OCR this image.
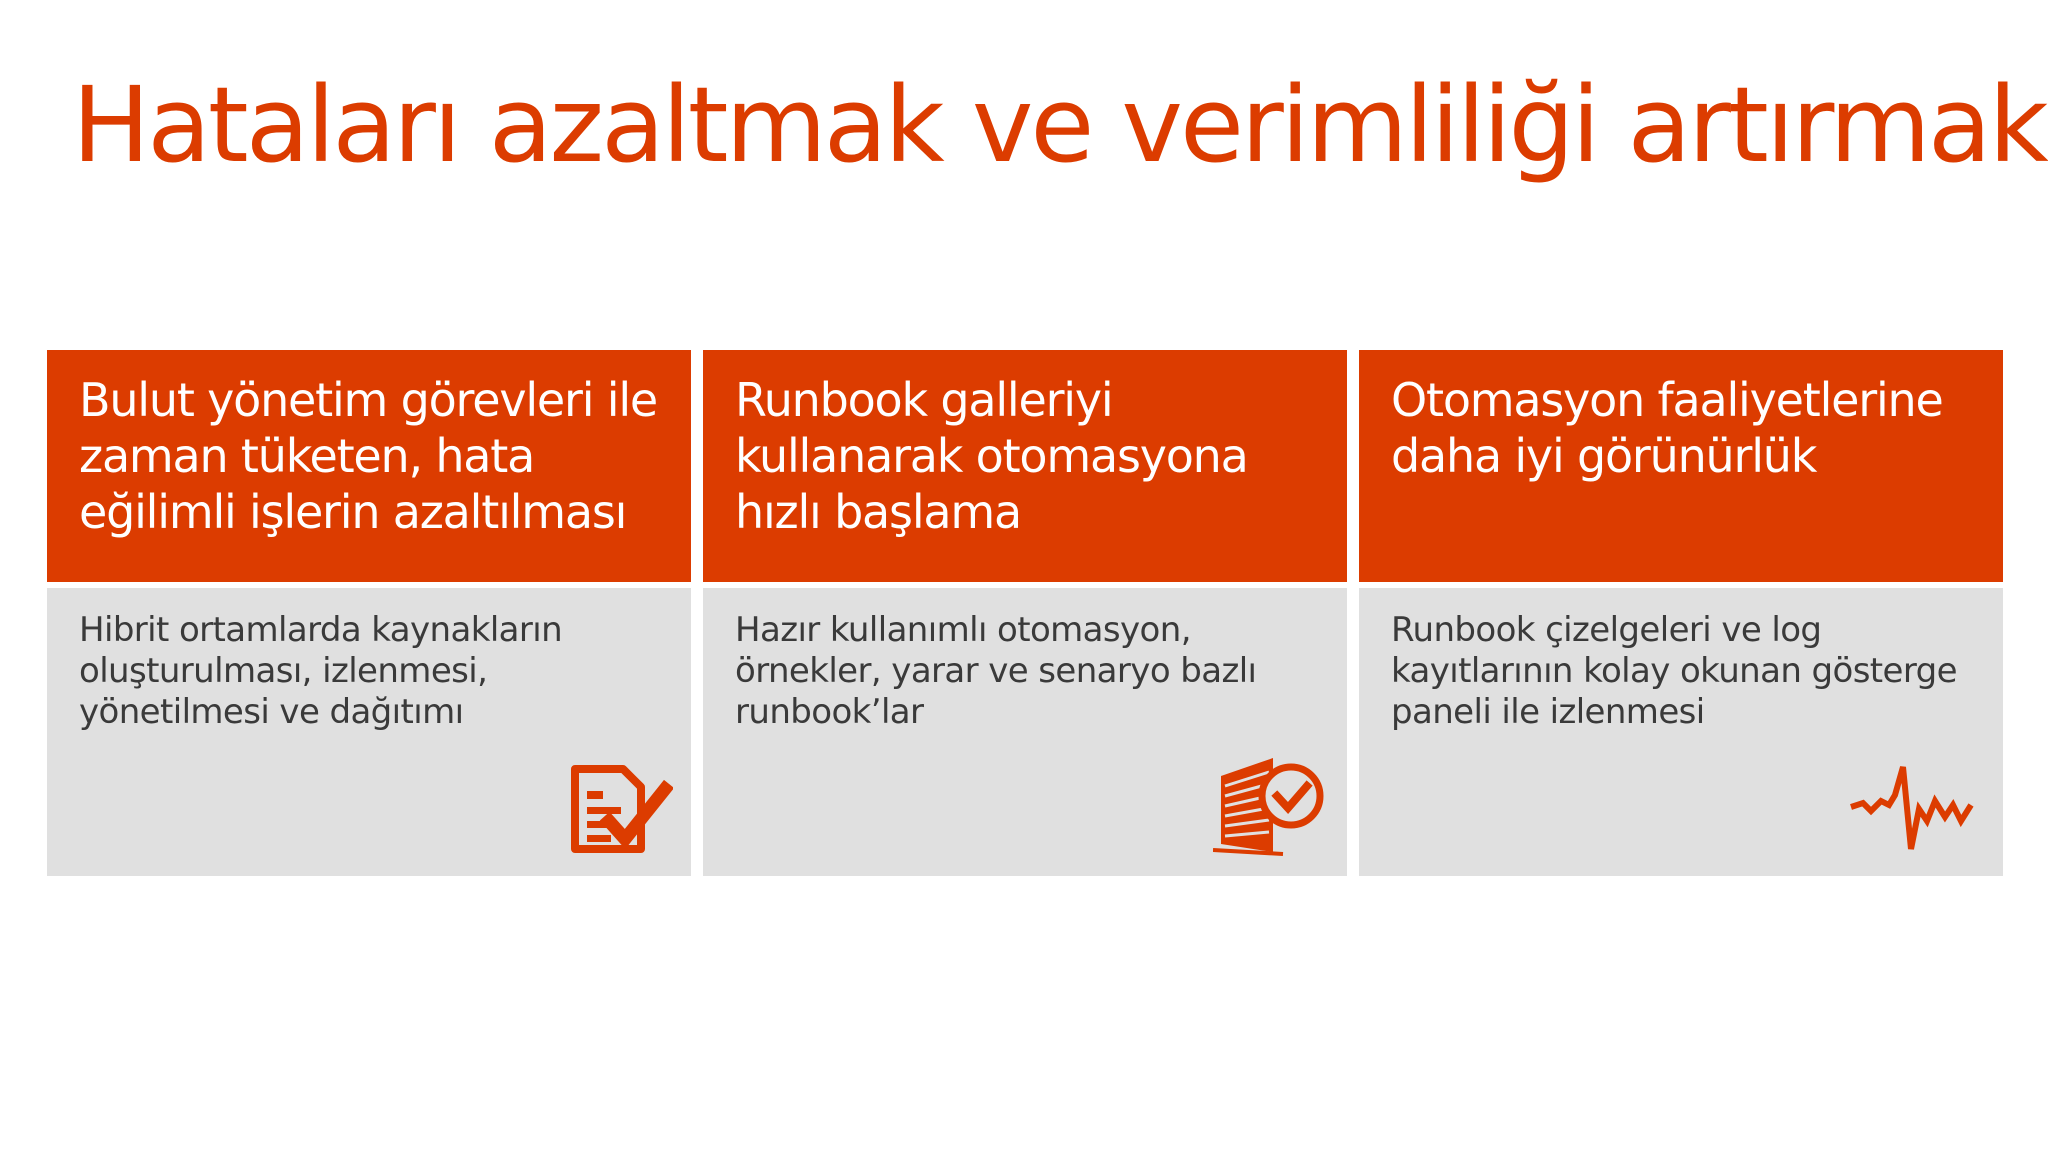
Hataları azaltmak ve verimliliği artırmak
Bulut yönetim görevleri ile zaman tüketen, hata eğilimli işlerin azaltılması
Hibrit ortamlarda kaynakların oluşturulması, izlenmesi, yönetilmesi ve dağıtımı
Runbook galleriyi kullanarak otomasyona hızlı başlama
Hazır kullanımlı otomasyon, örnekler, yarar ve senaryo bazlı runbook’lar
Otomasyon faaliyetlerine daha iyi görünürlük
Runbook çizelgeleri ve log kayıtlarının kolay okunan gösterge paneli ile izlenmesi
